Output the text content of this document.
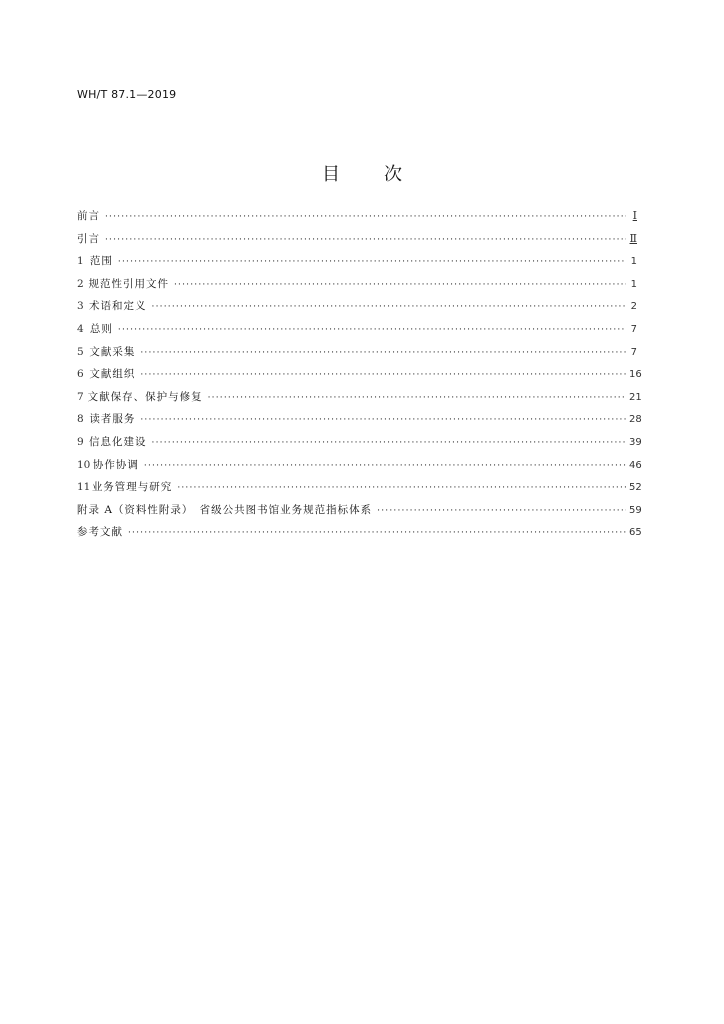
WH/T 87.1—2019
目 次
前言 ·····	Ⅰ
引言 ·····	Ⅱ
1 范围 ·····	1
2 规范性引用文件 ·····	1
3 术语和定义 ·····	2
4 总则 ·····	7
5 文献采集 ·····	7
6 文献组织 ·····	16
7 文献保存、保护与修复 ·····	21
8 读者服务 ·····	28
9 信息化建设 ·····	39
10 协作协调 ·····	46
11 业务管理与研究 ·····	52
附录 A（资料性附录）　省级公共图书馆业务规范指标体系 ·····	59
参考文献 ·····	65
